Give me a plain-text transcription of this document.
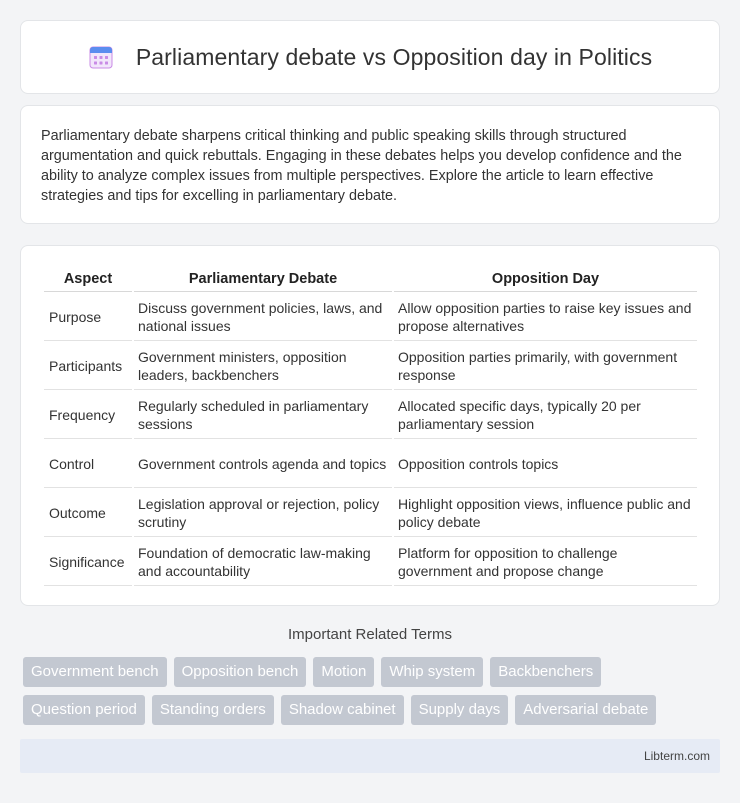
Parliamentary debate vs Opposition day in Politics

Parliamentary debate sharpens critical thinking and public speaking skills through structured argumentation and quick rebuttals. Engaging in these debates helps you develop confidence and the ability to analyze complex issues from multiple perspectives. Explore the article to learn effective strategies and tips for excelling in parliamentary debate.

Aspect	Parliamentary Debate	Opposition Day
Purpose	Discuss government policies, laws, and national issues	Allow opposition parties to raise key issues and propose alternatives
Participants	Government ministers, opposition leaders, backbenchers	Opposition parties primarily, with government response
Frequency	Regularly scheduled in parliamentary sessions	Allocated specific days, typically 20 per parliamentary session
Control	Government controls agenda and topics	Opposition controls topics
Outcome	Legislation approval or rejection, policy scrutiny	Highlight opposition views, influence public and policy debate
Significance	Foundation of democratic law-making and accountability	Platform for opposition to challenge government and propose change
Important Related Terms
Government bench	Opposition bench	Motion	Whip system	Backbenchers
Question period	Standing orders	Shadow cabinet	Supply days	Adversarial debate
Libterm.com
